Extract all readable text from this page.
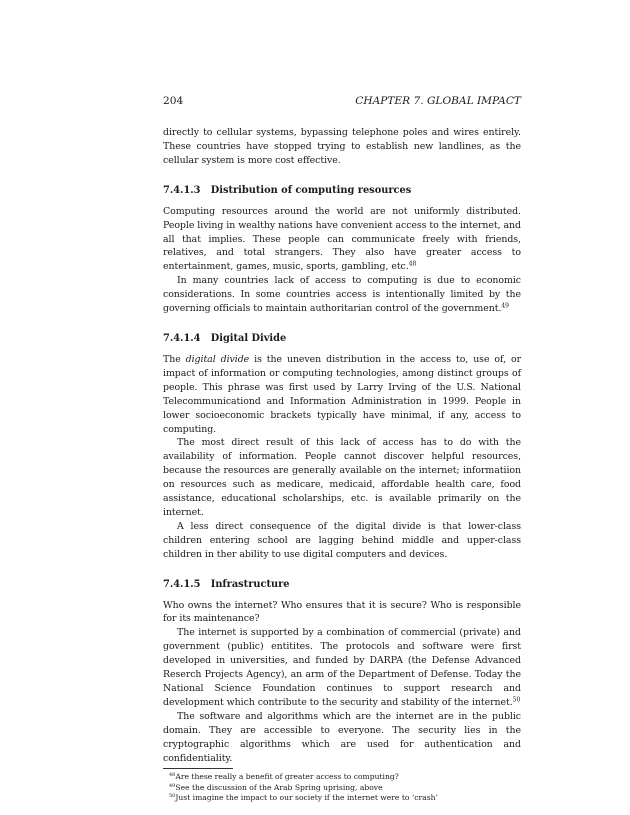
204	CHAPTER 7. GLOBAL IMPACT

directly to cellular systems, bypassing telephone poles and wires entirely. These countries have stopped trying to establish new landlines, as the cellular system is more cost effective.

7.4.1.3   Distribution of computing resources

Computing resources around the world are not uniformly distributed. People living in wealthy nations have convenient access to the internet, and all that implies. These people can communicate freely with friends, relatives, and total strangers. They also have greater access to entertainment, games, music, sports, gambling, etc.$^{48}$

In many countries lack of access to computing is due to economic considerations. In some countries access is intentionally limited by the governing officials to maintain authoritarian control of the government.$^{49}$

7.4.1.4   Digital Divide

The digital divide is the uneven distribution in the access to, use of, or impact of information or computing technologies, among distinct groups of people. This phrase was first used by Larry Irving of the U.S. National Telecommunicationd and Information Administration in 1999. People in lower socioeconomic brackets typically have minimal, if any, access to computing.

The most direct result of this lack of access has to do with the availability of information. People cannot discover helpful resources, because the resources are generally available on the internet; informatiion on resources such as medicare, medicaid, affordable health care, food assistance, educational scholarships, etc. is available primarily on the internet.

A less direct consequence of the digital divide is that lower-class children entering school are lagging behind middle and upper-class children in ther ability to use digital computers and devices.

7.4.1.5   Infrastructure

Who owns the internet? Who ensures that it is secure? Who is responsible for its maintenance?

The internet is supported by a combination of commercial (private) and government (public) entitites. The protocols and software were first developed in universities, and funded by DARPA (the Defense Advanced Reserch Projects Agency), an arm of the Department of Defense. Today the National Science Foundation continues to support research and development which contribute to the security and stability of the internet.$^{50}$

The software and algorithms which are the internet are in the public domain. They are accessible to everyone. The security lies in the cryptographic algorithms which are used for authentication and confidentiality.

$^{48}$Are these really a benefit of greater access to computing?

$^{49}$See the discussion of the Arab Spring uprising, above

$^{50}$Just imagine the impact to our society if the internet were to ‘crash’
